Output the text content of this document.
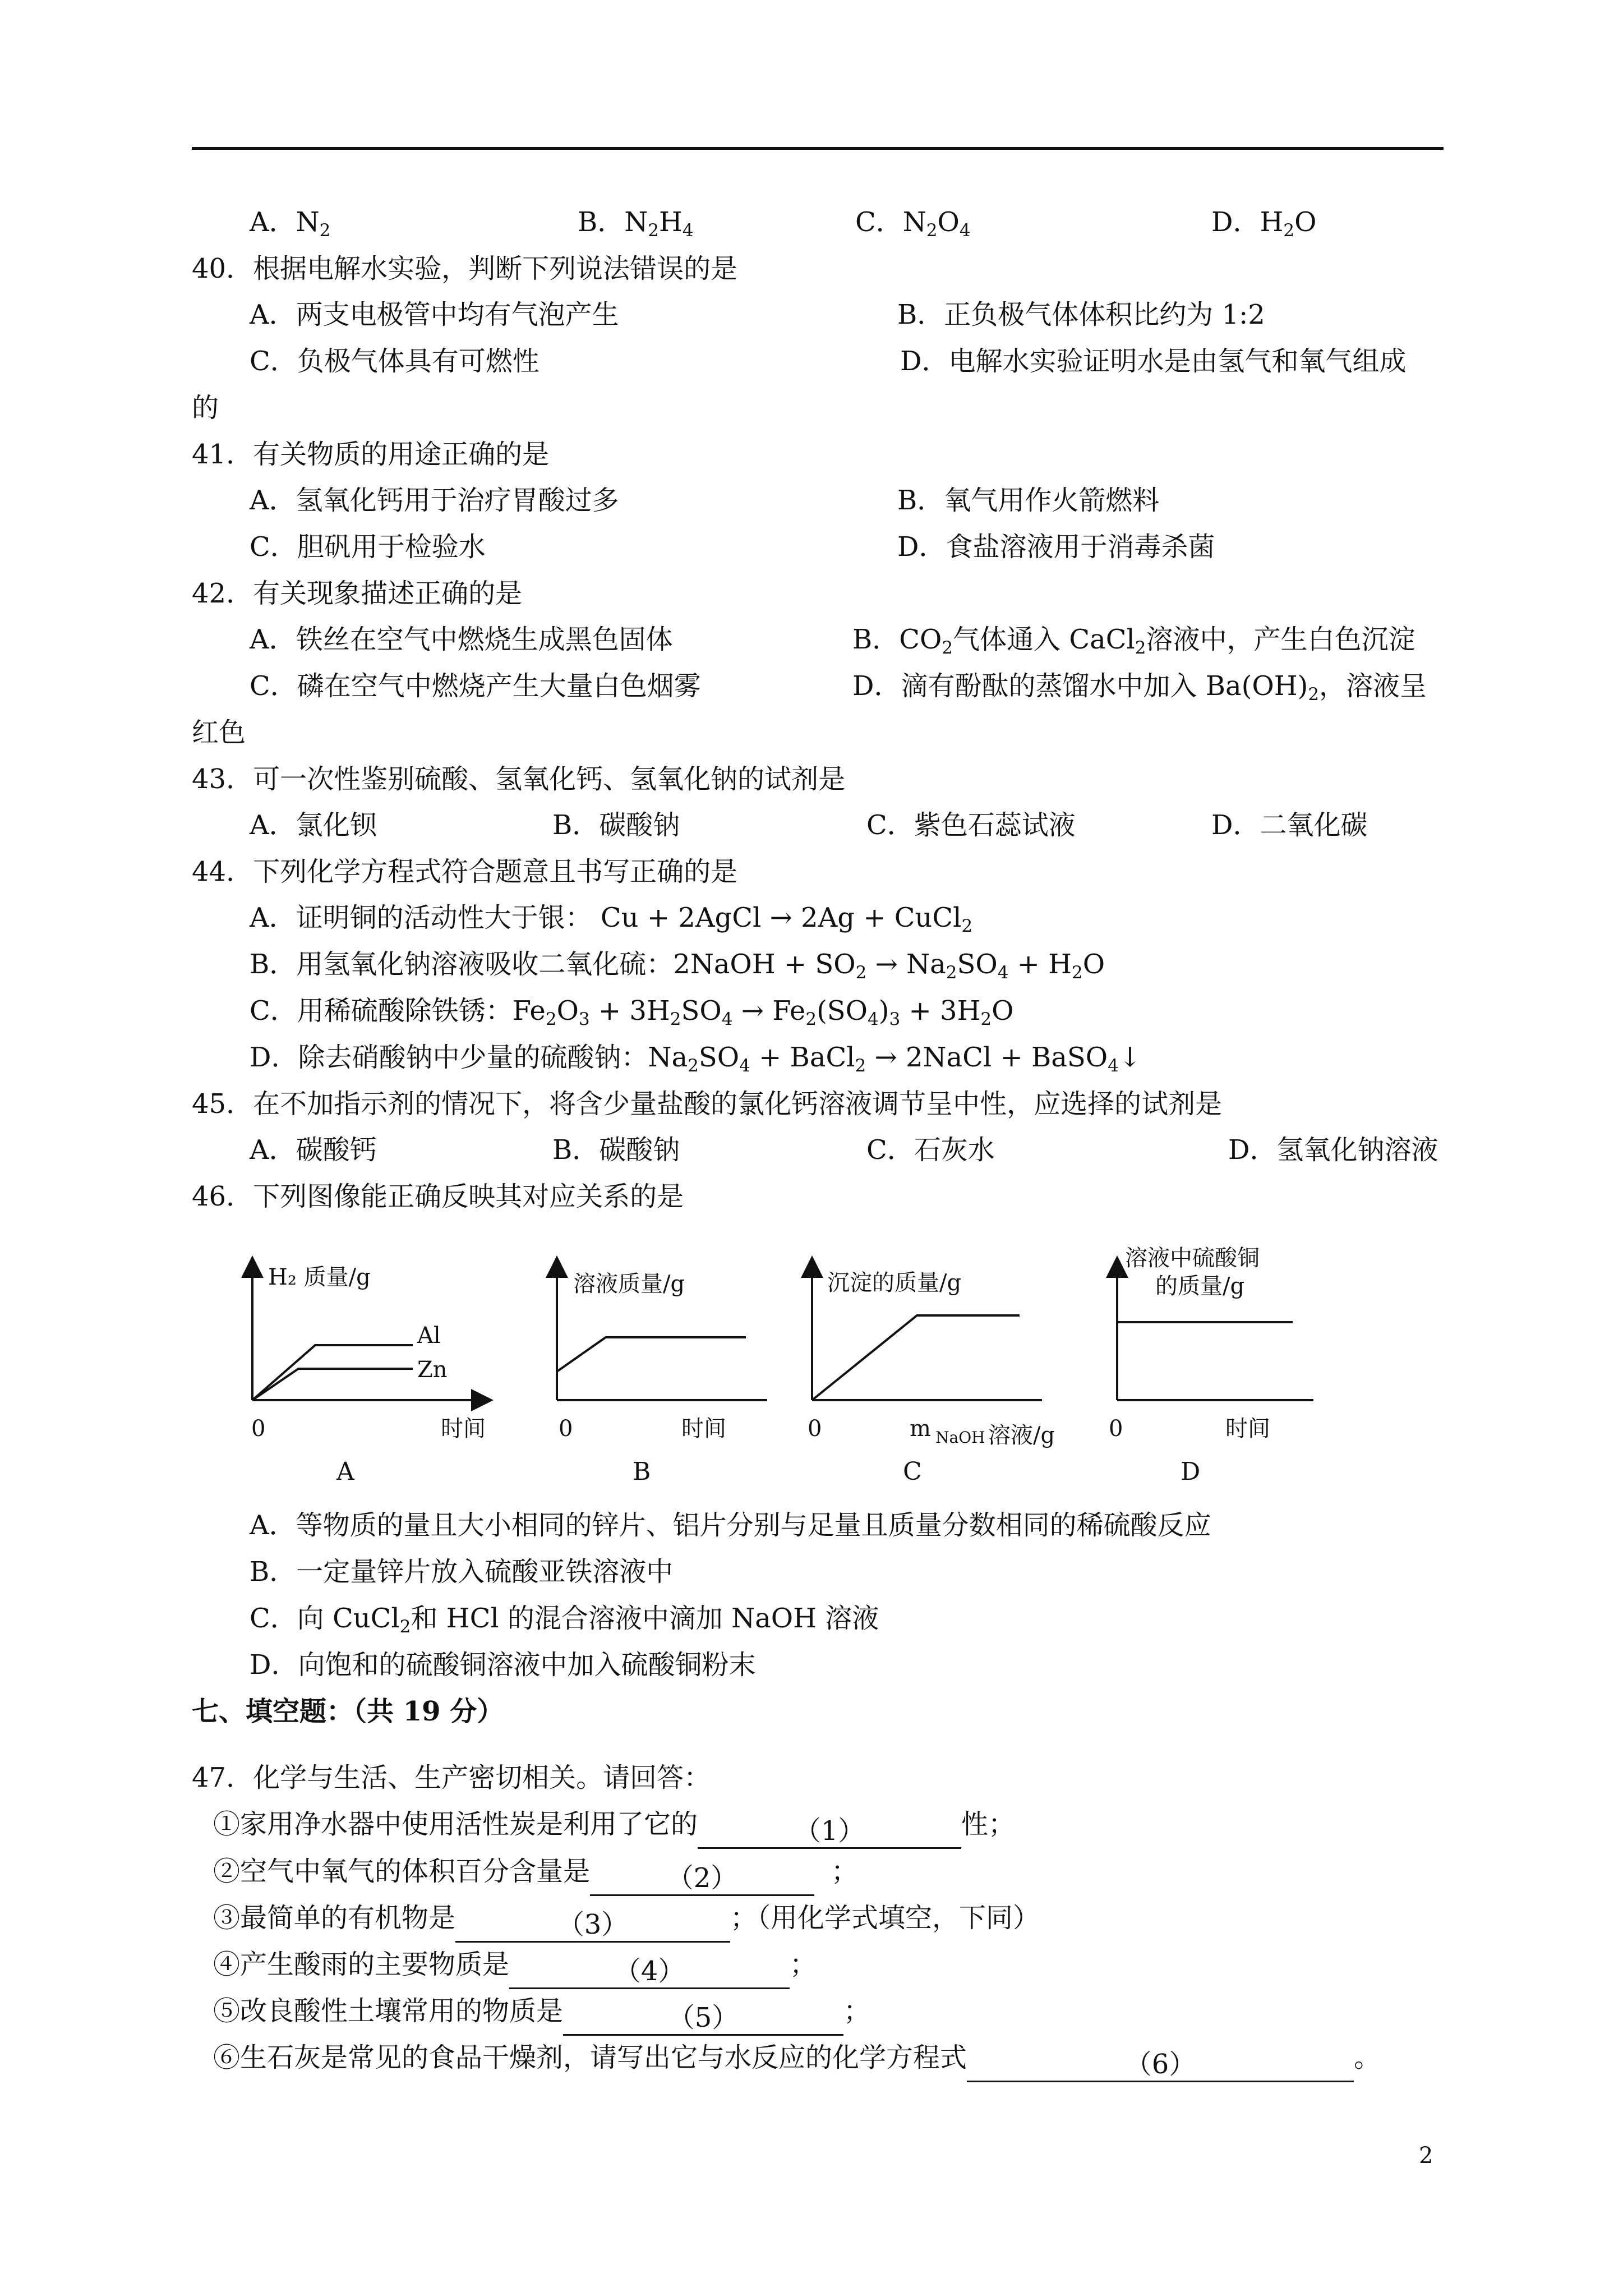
A．$N_2$	B．$N_2H_4$	C．$N_2O_4$	D．$H_2O$
40．根据电解水实验，判断下列说法错误的是
A．两支电极管中均有气泡产生	B．正负极气体体积比约为 1:2
C．负极气体具有可燃性	D．电解水实验证明水是由氢气和氧气组成
的
41．有关物质的用途正确的是
A．氢氧化钙用于治疗胃酸过多	B．氧气用作火箭燃料
C．胆矾用于检验水	D．食盐溶液用于消毒杀菌
42．有关现象描述正确的是
A．铁丝在空气中燃烧生成黑色固体	B．$CO_2$气体通入 CaCl$_2$溶液中，产生白色沉淀
C．磷在空气中燃烧产生大量白色烟雾	D．滴有酚酞的蒸馏水中加入 $Ba(OH)_2$，溶液呈
红色
43．可一次性鉴别硫酸、氢氧化钙、氢氧化钠的试剂是
A．氯化钡	B．碳酸钠	C．紫色石蕊试液	D．二氧化碳
44．下列化学方程式符合题意且书写正确的是
A．证明铜的活动性大于银： Cu + 2AgCl → 2Ag + CuCl$_2$
B．用氢氧化钠溶液吸收二氧化硫：2NaOH + $SO_2 \to Na_2SO_4 + H_2O$
C．用稀硫酸除铁锈：$Fe_2O_3 + 3H_2SO_4 \to Fe_2(SO_4)_3 + 3H_2O$
D．除去硝酸钠中少量的硫酸钠：$Na_2SO_4$ + BaCl$_2$ → 2NaCl + BaSO$_4$↓
45．在不加指示剂的情况下，将含少量盐酸的氯化钙溶液调节呈中性，应选择的试剂是
A．碳酸钙	B．碳酸钠	C．石灰水	D．氢氧化钠溶液
46．下列图像能正确反映其对应关系的是
H₂ 质量/g
Al
Zn
0	时间
A
溶液质量/g
0	时间
B
沉淀的质量/g
0	m NaOH 溶液/g
C
溶液中硫酸铜
的质量/g
0	时间
D
A．等物质的量且大小相同的锌片、铝片分别与足量且质量分数相同的稀硫酸反应
B．一定量锌片放入硫酸亚铁溶液中
C．向 CuCl$_2$和 HCl 的混合溶液中滴加 NaOH 溶液
D．向饱和的硫酸铜溶液中加入硫酸铜粉末
七、填空题：（共 19 分）
47．化学与生活、生产密切相关。请回答：
①家用净水器中使用活性炭是利用了它的	（1）	性；
②空气中氧气的体积百分含量是	（2）	；
③最简单的有机物是	（3）	；（用化学式填空，下同）
④产生酸雨的主要物质是	（4）	；
⑤改良酸性土壤常用的物质是	（5）	；
⑥生石灰是常见的食品干燥剂，请写出它与水反应的化学方程式	（6）	。
2
